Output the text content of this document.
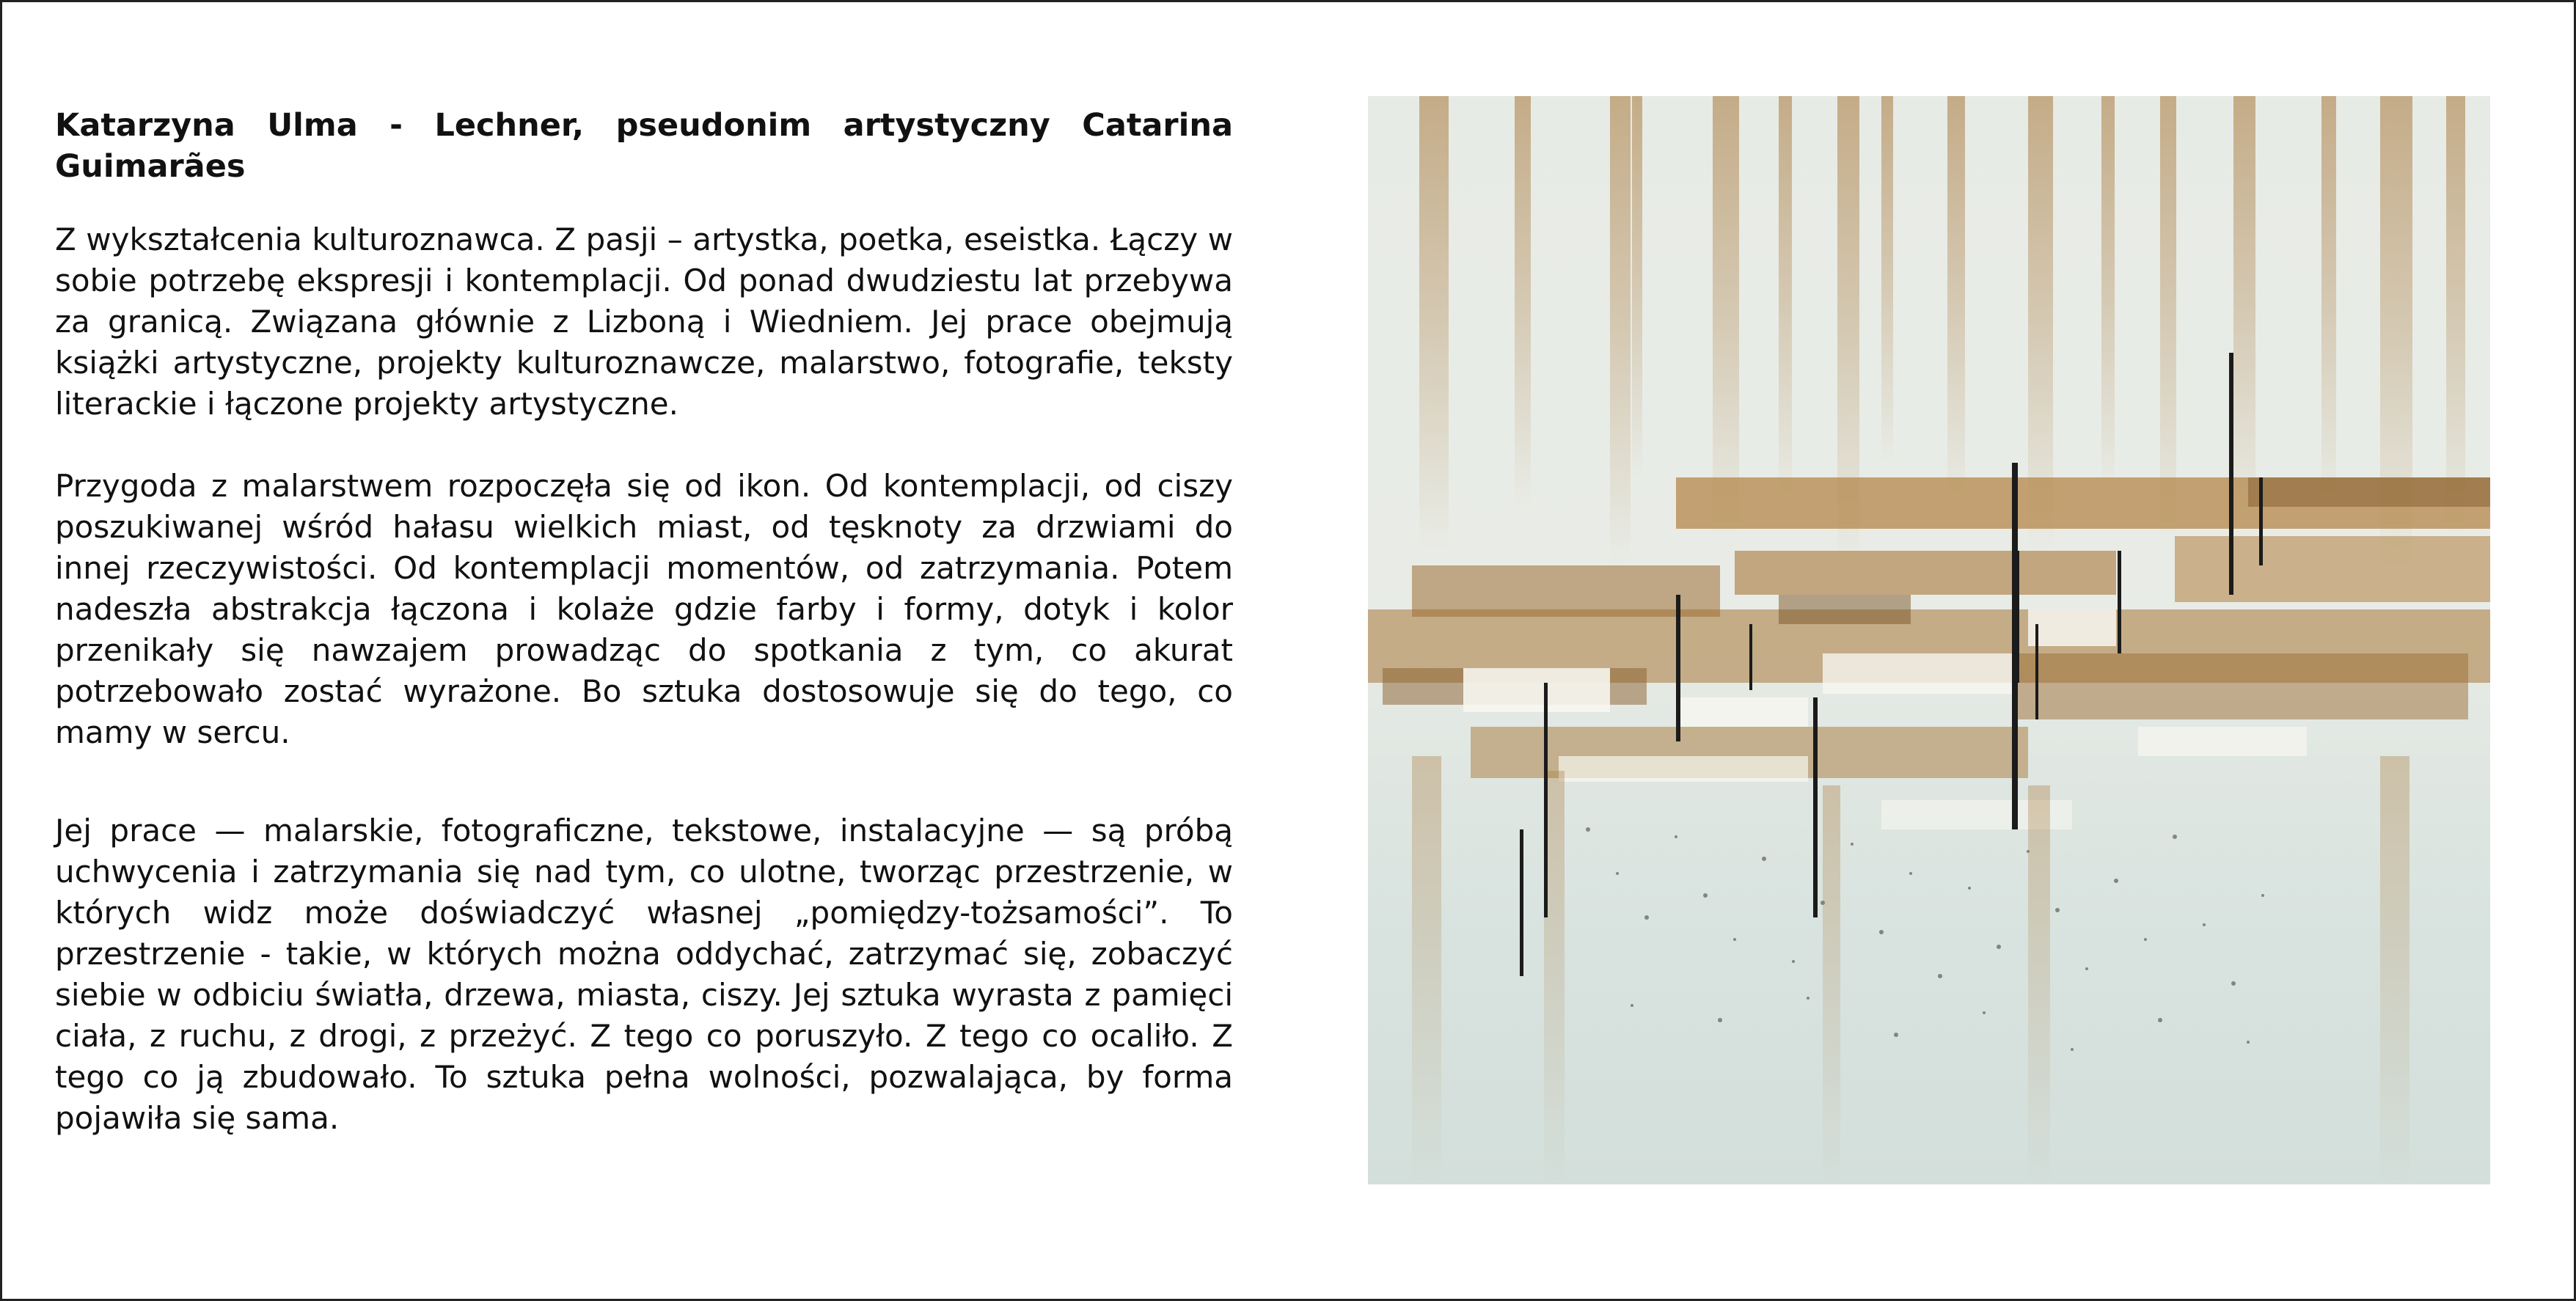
Katarzyna Ulma - Lechner, pseudonim artystyczny Catarina Guimarães

Z wykształcenia kulturoznawca. Z pasji – artystka, poetka, eseistka. Łączy w sobie potrzebę ekspresji i kontemplacji. Od ponad dwudziestu lat przebywa za granicą. Związana głównie z Lizboną i Wiedniem. Jej prace obejmują książki artystyczne, projekty kulturoznawcze, malarstwo, fotografie, teksty literackie i łączone projekty artystyczne.

Przygoda z malarstwem rozpoczęła się od ikon. Od kontemplacji, od ciszy poszukiwanej wśród hałasu wielkich miast, od tęsknoty za drzwiami do innej rzeczywistości. Od kontemplacji momentów, od zatrzymania. Potem nadeszła abstrakcja łączona i kolaże gdzie farby i formy, dotyk i kolor przenikały się nawzajem prowadząc do spotkania z tym, co akurat potrzebowało zostać wyrażone. Bo sztuka dostosowuje się do tego, co mamy w sercu.

Jej prace — malarskie, fotograficzne, tekstowe, instalacyjne — są próbą uchwycenia i zatrzymania się nad tym, co ulotne, tworząc przestrzenie, w których widz może doświadczyć własnej „pomiędzy-tożsamości”. To przestrzenie - takie, w których można oddychać, zatrzymać się, zobaczyć siebie w odbiciu światła, drzewa, miasta, ciszy. Jej sztuka wyrasta z pamięci ciała, z ruchu, z drogi, z przeżyć. Z tego co poruszyło. Z tego co ocaliło. Z tego co ją zbudowało. To sztuka pełna wolności, pozwalająca, by forma pojawiła się sama.
